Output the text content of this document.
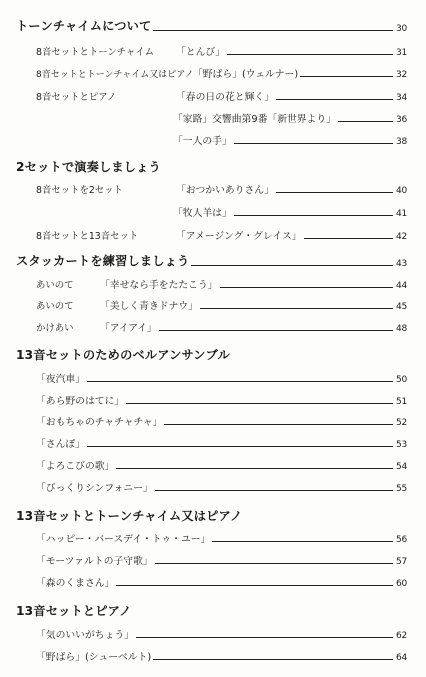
トーンチャイムについて	30
8音セットとトーンチャイム	「とんび」	31
8音セットとトーンチャイム又はピアノ 「野ばら」(ウェルナー)	32
8音セットとピアノ	「春の日の花と輝く」	34
「家路」交響曲第9番「新世界より」	36
「一人の手」	38
2セットで演奏しましょう
8音セットを2セット	「おつかいありさん」	40
「牧人羊は」	41
8音セットと13音セット	「アメージング・グレイス」	42
スタッカートを練習しましょう	43
あいのて	「幸せなら手をたたこう」	44
あいのて	「美しく青きドナウ」	45
かけあい	「アイアイ」	48
13音セットのためのベルアンサンブル
「夜汽車」	50
「あら野のはてに」	51
「おもちゃのチャチャチャ」	52
「さんぽ」	53
「よろこびの歌」	54
「びっくりシンフォニー」	55
13音セットとトーンチャイム又はピアノ
「ハッピー・バースデイ・トゥ・ユー」	56
「モーツァルトの子守歌」	57
「森のくまさん」	60
13音セットとピアノ
「気のいいがちょう」	62
「野ばら」(シューベルト)	64
